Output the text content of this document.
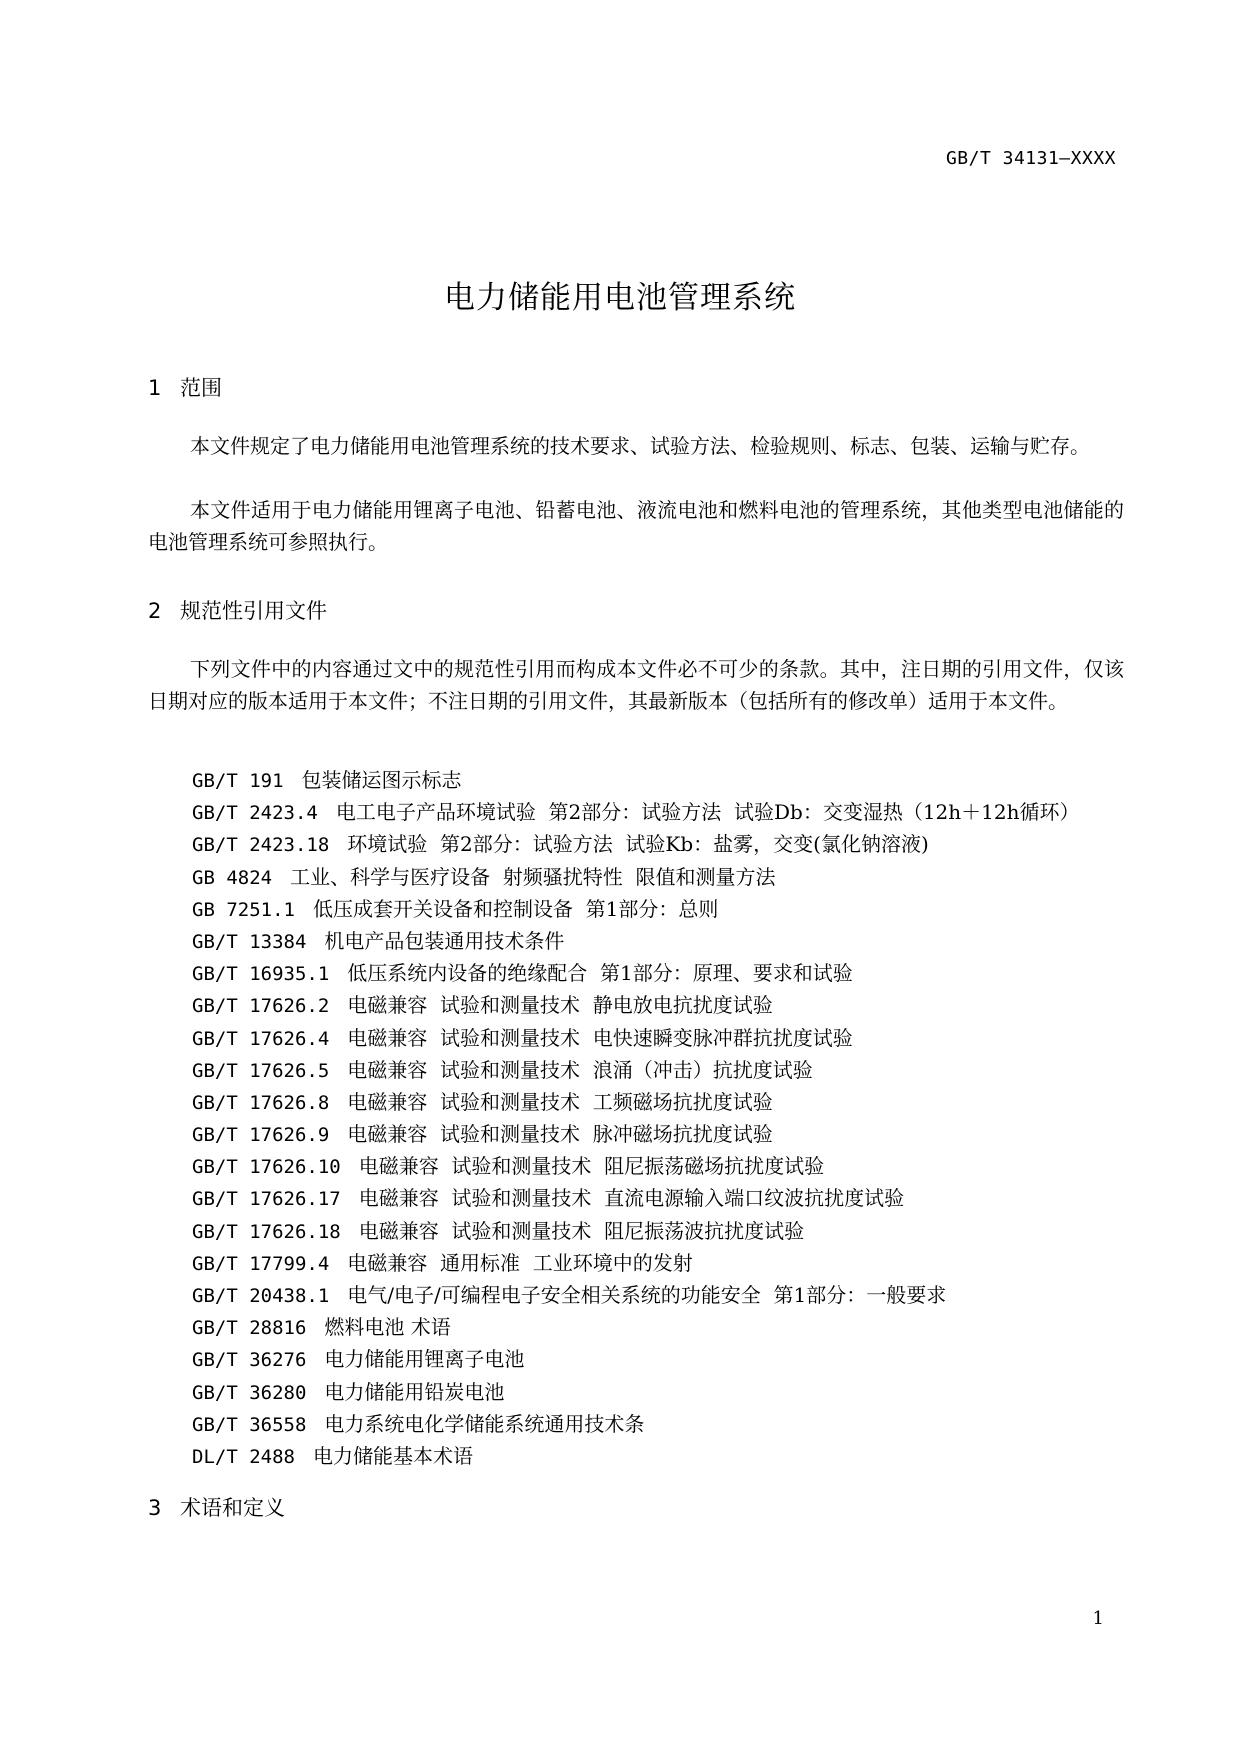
GB/T 34131—XXXX
电力储能用电池管理系统
1 范围

本文件规定了电力储能用电池管理系统的技术要求、试验方法、检验规则、标志、包装、运输与贮存。

本文件适用于电力储能用锂离子电池、铅蓄电池、液流电池和燃料电池的管理系统，其他类型电池储能的电池管理系统可参照执行。

2 规范性引用文件

下列文件中的内容通过文中的规范性引用而构成本文件必不可少的条款。其中，注日期的引用文件，仅该日期对应的版本适用于本文件；不注日期的引用文件，其最新版本（包括所有的修改单）适用于本文件。

GB/T 191 包装储运图示标志
GB/T 2423.4 电工电子产品环境试验  第2部分：试验方法  试验Db：交变湿热（12h＋12h循环）
GB/T 2423.18 环境试验  第2部分：试验方法  试验Kb：盐雾，交变(氯化钠溶液)
GB 4824 工业、科学与医疗设备  射频骚扰特性  限值和测量方法
GB 7251.1 低压成套开关设备和控制设备  第1部分：总则
GB/T 13384 机电产品包装通用技术条件
GB/T 16935.1 低压系统内设备的绝缘配合  第1部分：原理、要求和试验
GB/T 17626.2 电磁兼容  试验和测量技术  静电放电抗扰度试验
GB/T 17626.4 电磁兼容  试验和测量技术  电快速瞬变脉冲群抗扰度试验
GB/T 17626.5 电磁兼容  试验和测量技术  浪涌（冲击）抗扰度试验
GB/T 17626.8 电磁兼容  试验和测量技术  工频磁场抗扰度试验
GB/T 17626.9 电磁兼容  试验和测量技术  脉冲磁场抗扰度试验
GB/T 17626.10 电磁兼容  试验和测量技术  阻尼振荡磁场抗扰度试验
GB/T 17626.17 电磁兼容  试验和测量技术  直流电源输入端口纹波抗扰度试验
GB/T 17626.18 电磁兼容  试验和测量技术  阻尼振荡波抗扰度试验
GB/T 17799.4 电磁兼容  通用标准  工业环境中的发射
GB/T 20438.1 电气/电子/可编程电子安全相关系统的功能安全  第1部分：一般要求
GB/T 28816 燃料电池 术语
GB/T 36276 电力储能用锂离子电池
GB/T 36280 电力储能用铅炭电池
GB/T 36558 电力系统电化学储能系统通用技术条
DL/T 2488 电力储能基本术语
3 术语和定义
1
